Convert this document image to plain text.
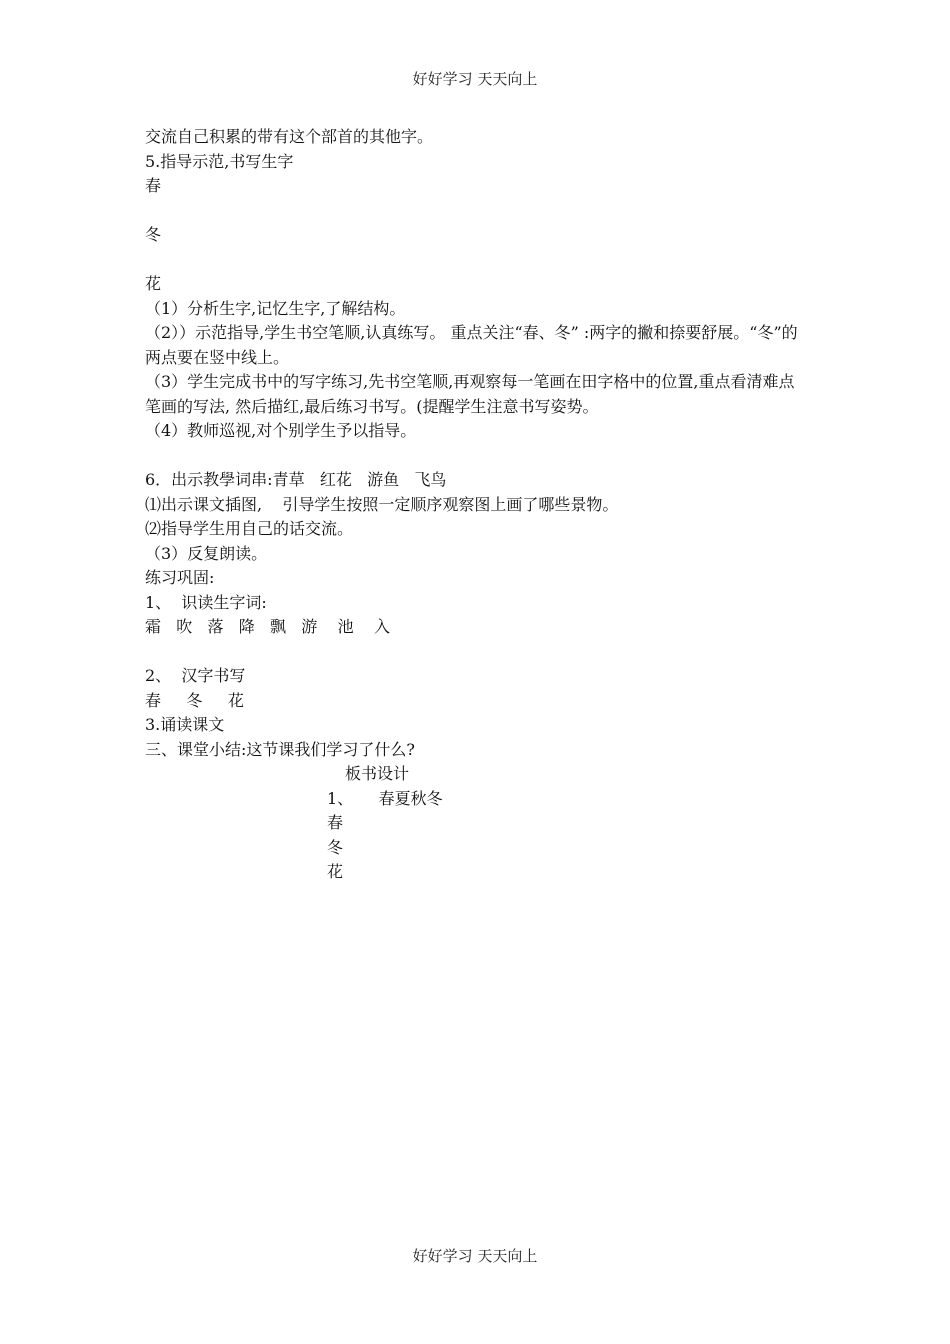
好好学习 天天向上
交流自己积累的带有这个部首的其他字。
5.指导示范,书写生字
春
冬
花
（1）分析生字,记忆生字,了解结构。
（2））示范指导,学生书空笔顺,认真练写。 重点关注“春、冬” :两字的撇和捺要舒展。“冬”的两点要在竖中线上。
（3）学生完成书中的写字练习,先书空笔顺,再观察每一笔画在田字格中的位置,重点看清难点笔画的写法, 然后描红,最后练习书写。(提醒学生注意书写姿势。
（4）教师巡视,对个别学生予以指导。
6．出示教學词串:青草   红花   游鱼   飞鸟
⑴出示课文插图,    引导学生按照一定顺序观察图上画了哪些景物。
⑵指导学生用自己的话交流。
（3）反复朗读。
练习巩固:
1、  识读生字词:
霜   吹   落   降   飘   游    池    入
2、  汉字书写
春     冬     花
3.诵读课文
三、课堂小结:这节课我们学习了什么?
板书设计
1、     春夏秋冬
春
冬
花
好好学习 天天向上
